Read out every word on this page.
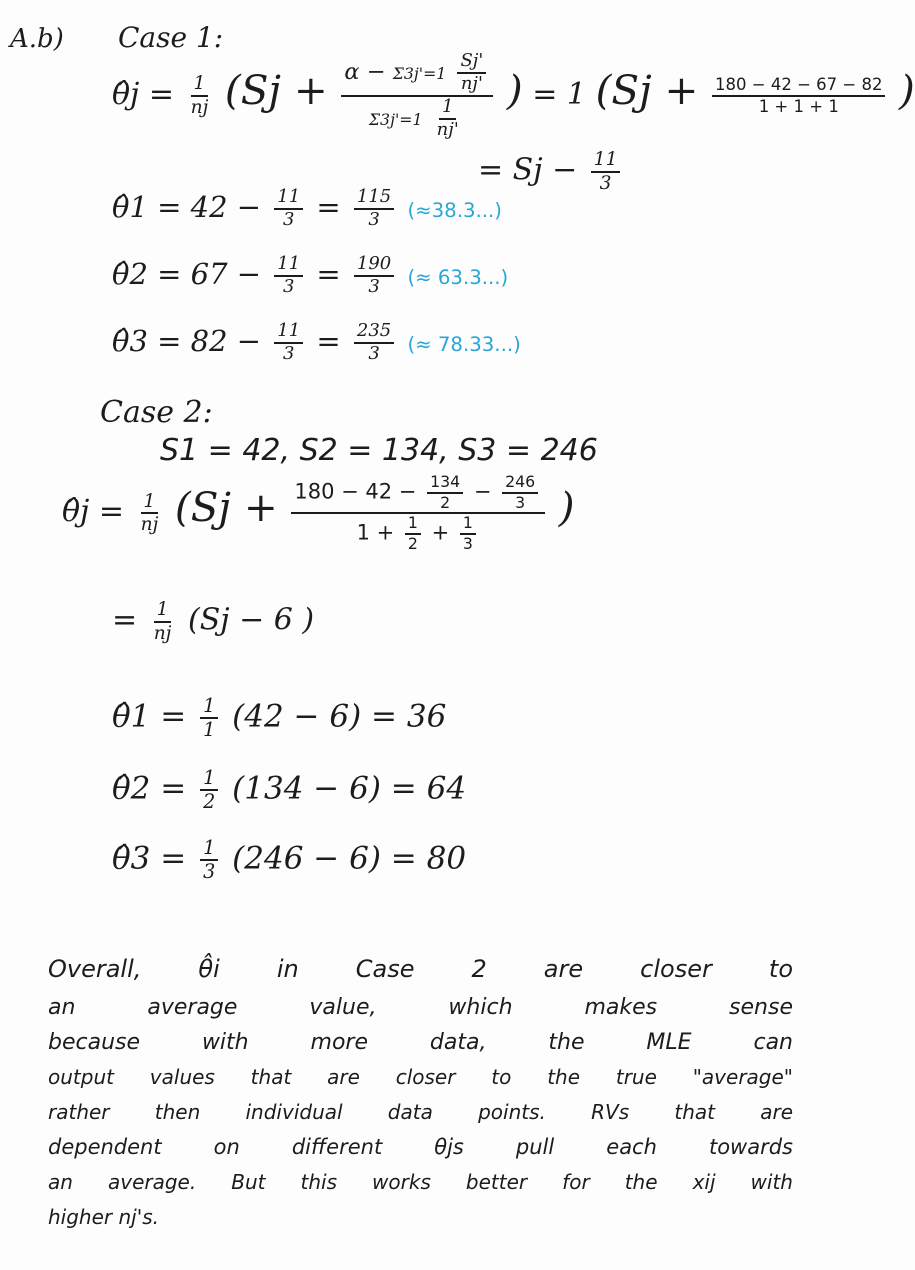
A.b) Case 1:
θ̂j = $\frac{1}{nj} (Sj + \frac{\alpha - \Sigma 3j'=1 \frac{Sj'}{nj'}}{\Sigma 3j'=1 \frac{1}{nj'}}$ ) = 1 ($Sj + \frac{180 - 42 - 67 - 82}{1 + 1 + 1}$ )
= $Sj - \frac{11}{3}$
θ̂1 = $42 - \frac{11}{3} = \frac{115}{3} (\approx 38.3...)$
θ̂2 = $67 - \frac{11}{3} = \frac{190}{3}$ (≈ 63.3...)
θ̂3 = $82 - \frac{11}{3} = \frac{235}{3}$ (≈ 78.33...)
Case 2:
S1 = 42, S2 = 134, S3 = 246
θ̂j = $\frac{1}{nj} (Sj + \frac{180 - 42 - \frac{134}{2} - \frac{246}{3}}{1 + \frac{1}{2} + \frac{1}{3}}$ )
= $\frac{1}{nj} (Sj - 6$ )
θ̂1 = $\frac{1}{1} (42 - 6) = 36$
θ̂2 = $\frac{1}{2} (134 - 6) = 64$
θ̂3 = $\frac{1}{3} (246 - 6) = 80$
Overall, θ̂i in Case 2 are closer to
an average value, which makes sense
because with more data, the MLE can
output values that are closer to the true "average"
rather then individual data points. RVs that are
dependent on different θjs pull each towards
an average. But this works better for the xij with
higher nj's.
